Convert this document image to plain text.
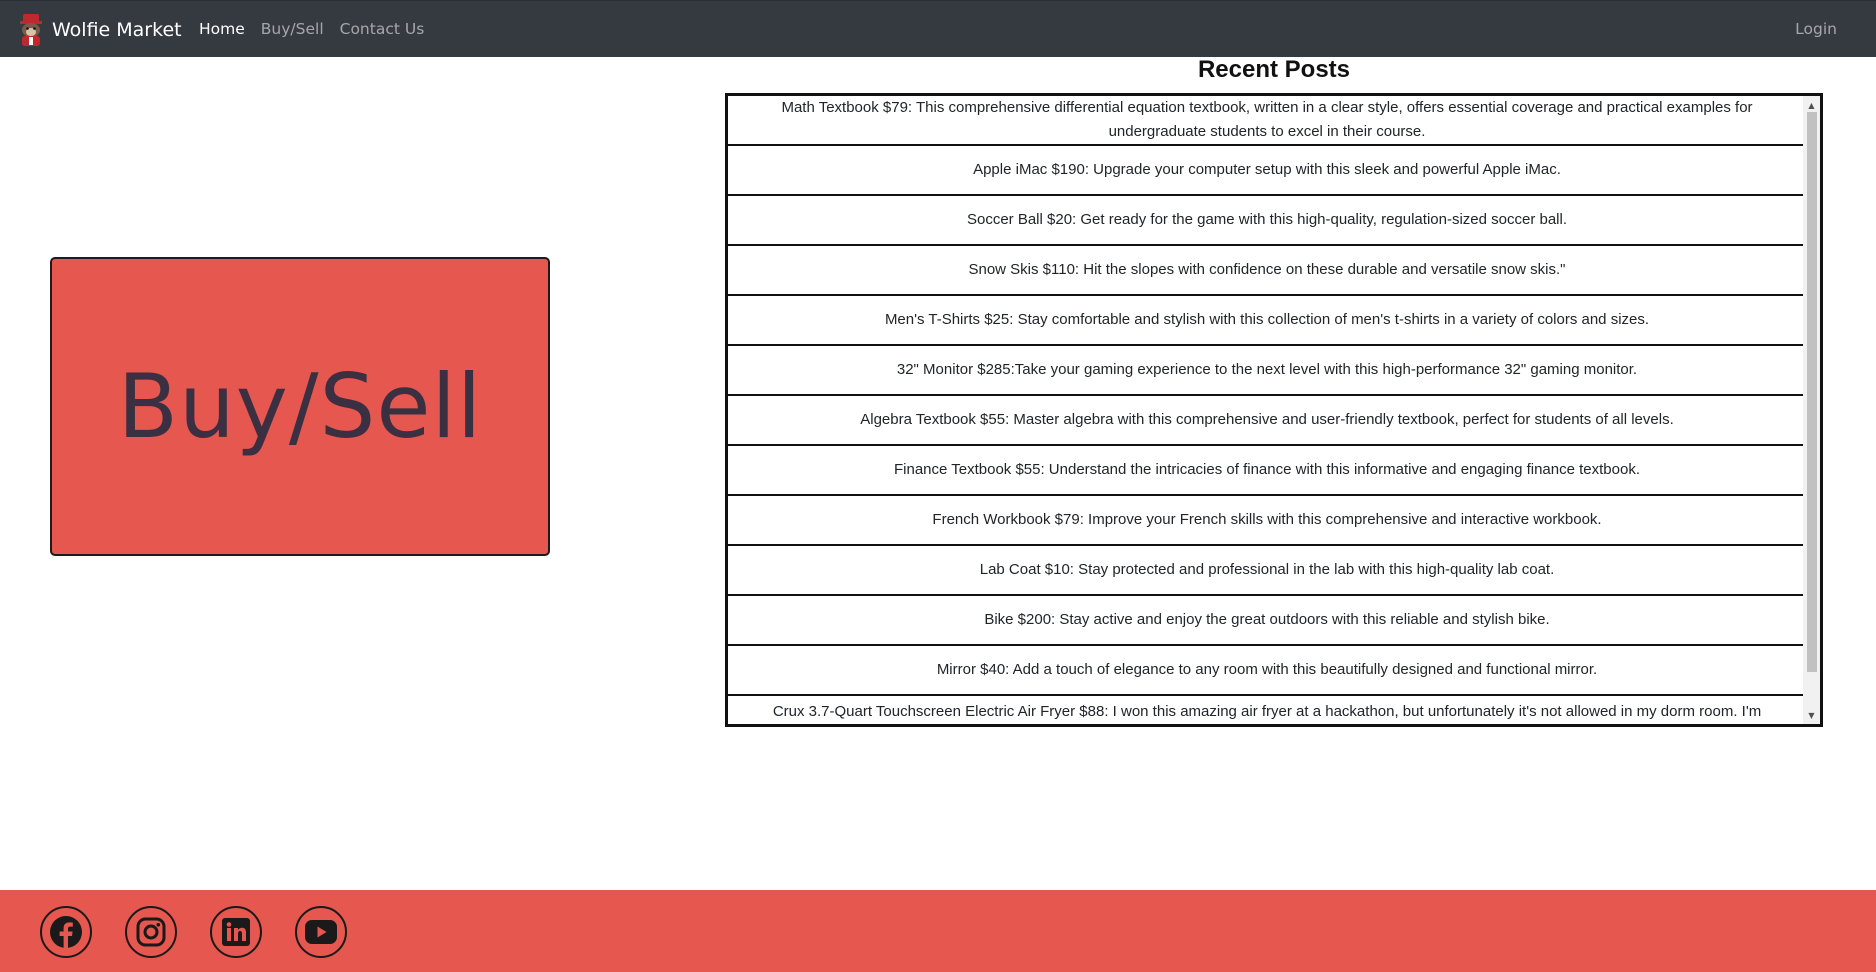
Wolfie Market Home Buy/Sell Contact Us	Login
Buy/Sell
Recent Posts
Math Textbook $79: This comprehensive differential equation textbook, written in a clear style, offers essential coverage and practical examples for undergraduate students to excel in their course.
Apple iMac $190: Upgrade your computer setup with this sleek and powerful Apple iMac.
Soccer Ball $20: Get ready for the game with this high-quality, regulation-sized soccer ball.
Snow Skis $110: Hit the slopes with confidence on these durable and versatile snow skis."
Men's T-Shirts $25: Stay comfortable and stylish with this collection of men's t-shirts in a variety of colors and sizes.
32" Monitor $285:Take your gaming experience to the next level with this high-performance 32" gaming monitor.
Algebra Textbook $55: Master algebra with this comprehensive and user-friendly textbook, perfect for students of all levels.
Finance Textbook $55: Understand the intricacies of finance with this informative and engaging finance textbook.
French Workbook $79: Improve your French skills with this comprehensive and interactive workbook.
Lab Coat $10: Stay protected and professional in the lab with this high-quality lab coat.
Bike $200: Stay active and enjoy the great outdoors with this reliable and stylish bike.
Mirror $40: Add a touch of elegance to any room with this beautifully designed and functional mirror.
Crux 3.7-Quart Touchscreen Electric Air Fryer $88: I won this amazing air fryer at a hackathon, but unfortunately it's not allowed in my dorm room. I'm
▲
▼
